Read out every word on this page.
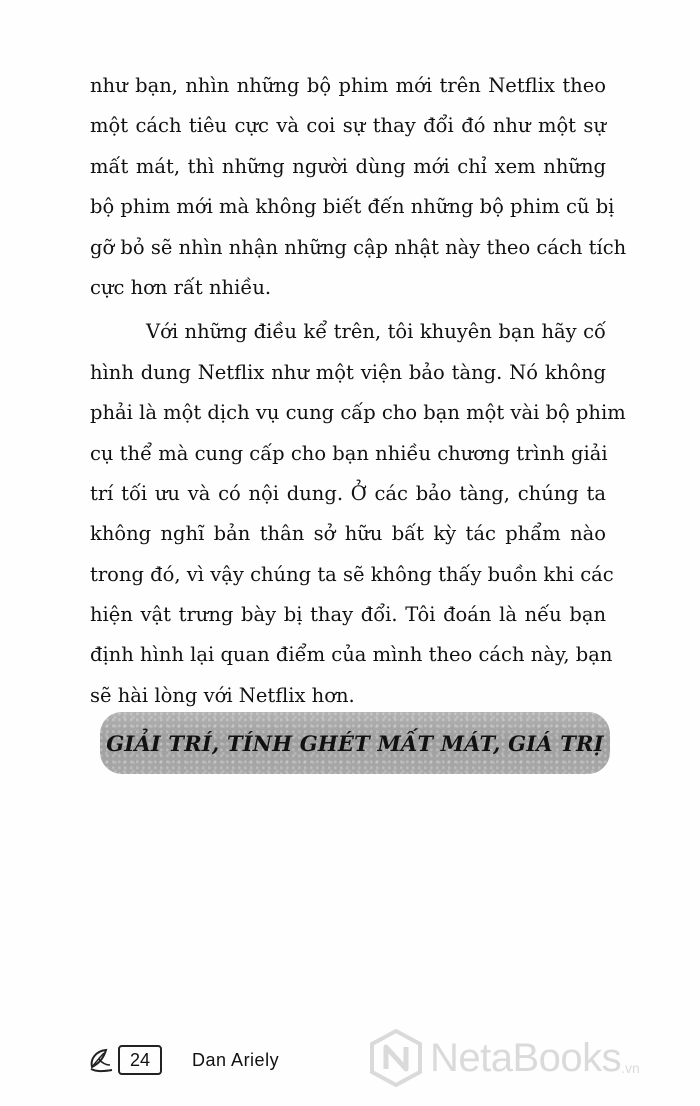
như bạn, nhìn những bộ phim mới trên Netflix theo
một cách tiêu cực và coi sự thay đổi đó như một sự
mất mát, thì những người dùng mới chỉ xem những
bộ phim mới mà không biết đến những bộ phim cũ bị
gỡ bỏ sẽ nhìn nhận những cập nhật này theo cách tích
cực hơn rất nhiều.
Với những điều kể trên, tôi khuyên bạn hãy cố
hình dung Netflix như một viện bảo tàng. Nó không
phải là một dịch vụ cung cấp cho bạn một vài bộ phim
cụ thể mà cung cấp cho bạn nhiều chương trình giải
trí tối ưu và có nội dung. Ở các bảo tàng, chúng ta
không nghĩ bản thân sở hữu bất kỳ tác phẩm nào
trong đó, vì vậy chúng ta sẽ không thấy buồn khi các
hiện vật trưng bày bị thay đổi. Tôi đoán là nếu bạn
định hình lại quan điểm của mình theo cách này, bạn
sẽ hài lòng với Netflix hơn.
GIẢI TRÍ, TÍNH GHÉT MẤT MÁT, GIÁ TRỊ
24	Dan Ariely	NetaBooks .vn
